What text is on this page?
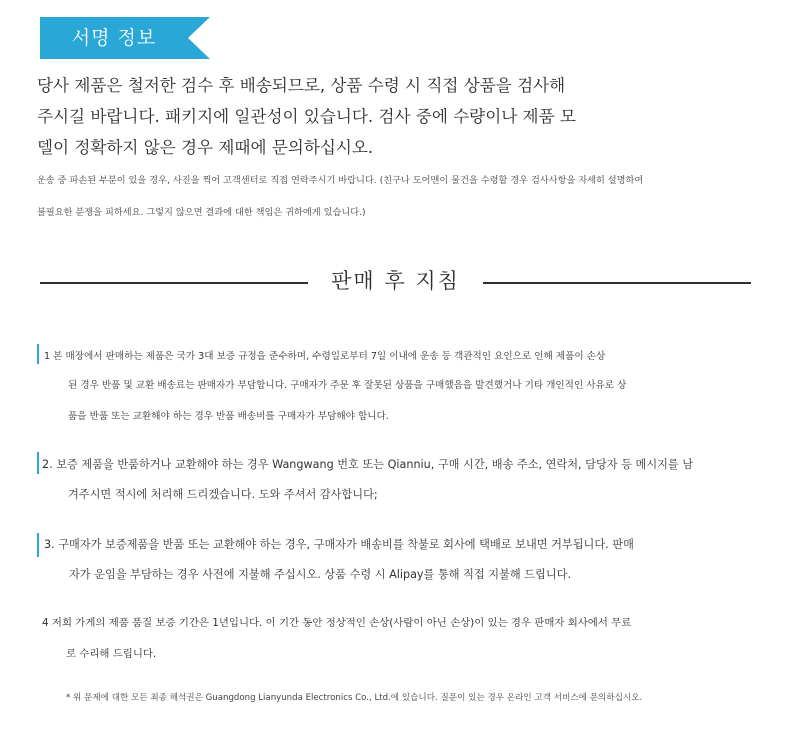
서명 정보
당사 제품은 철저한 검수 후 배송되므로, 상품 수령 시 직접 상품을 검사해
주시길 바랍니다. 패키지에 일관성이 있습니다. 검사 중에 수량이나 제품 모
델이 정확하지 않은 경우 제때에 문의하십시오.
운송 중 파손된 부분이 있을 경우, 사진을 찍어 고객센터로 직접 연락주시기 바랍니다. (친구나 도어맨이 물건을 수령할 경우 검사사항을 자세히 설명하여
불필요한 분쟁을 피하세요. 그렇지 않으면 결과에 대한 책임은 귀하에게 있습니다.)
판매 후 지침
1 본 매장에서 판매하는 제품은 국가 3대 보증 규정을 준수하며, 수령일로부터 7일 이내에 운송 등 객관적인 요인으로 인해 제품이 손상
된 경우 반품 및 교환 배송료는 판매자가 부담합니다. 구매자가 주문 후 잘못된 상품을 구매했음을 발견했거나 기타 개인적인 사유로 상
품을 반품 또는 교환해야 하는 경우 반품 배송비를 구매자가 부담해야 합니다.
2. 보증 제품을 반품하거나 교환해야 하는 경우 Wangwang 번호 또는 Qianniu, 구매 시간, 배송 주소, 연락처, 담당자 등 메시지를 남
겨주시면 적시에 처리해 드리겠습니다. 도와 주셔서 감사합니다;
3. 구매자가 보증제품을 반품 또는 교환해야 하는 경우, 구매자가 배송비를 착불로 회사에 택배로 보내면 거부됩니다. 판매
자가 운임을 부담하는 경우 사전에 지불해 주십시오. 상품 수령 시 Alipay를 통해 직접 지불해 드립니다.
4 저희 가게의 제품 품질 보증 기간은 1년입니다. 이 기간 동안 정상적인 손상(사람이 아닌 손상)이 있는 경우 판매자 회사에서 무료
로 수리해 드립니다.
* 위 문제에 대한 모든 최종 해석권은 Guangdong Lianyunda Electronics Co., Ltd.에 있습니다. 질문이 있는 경우 온라인 고객 서비스에 문의하십시오.
